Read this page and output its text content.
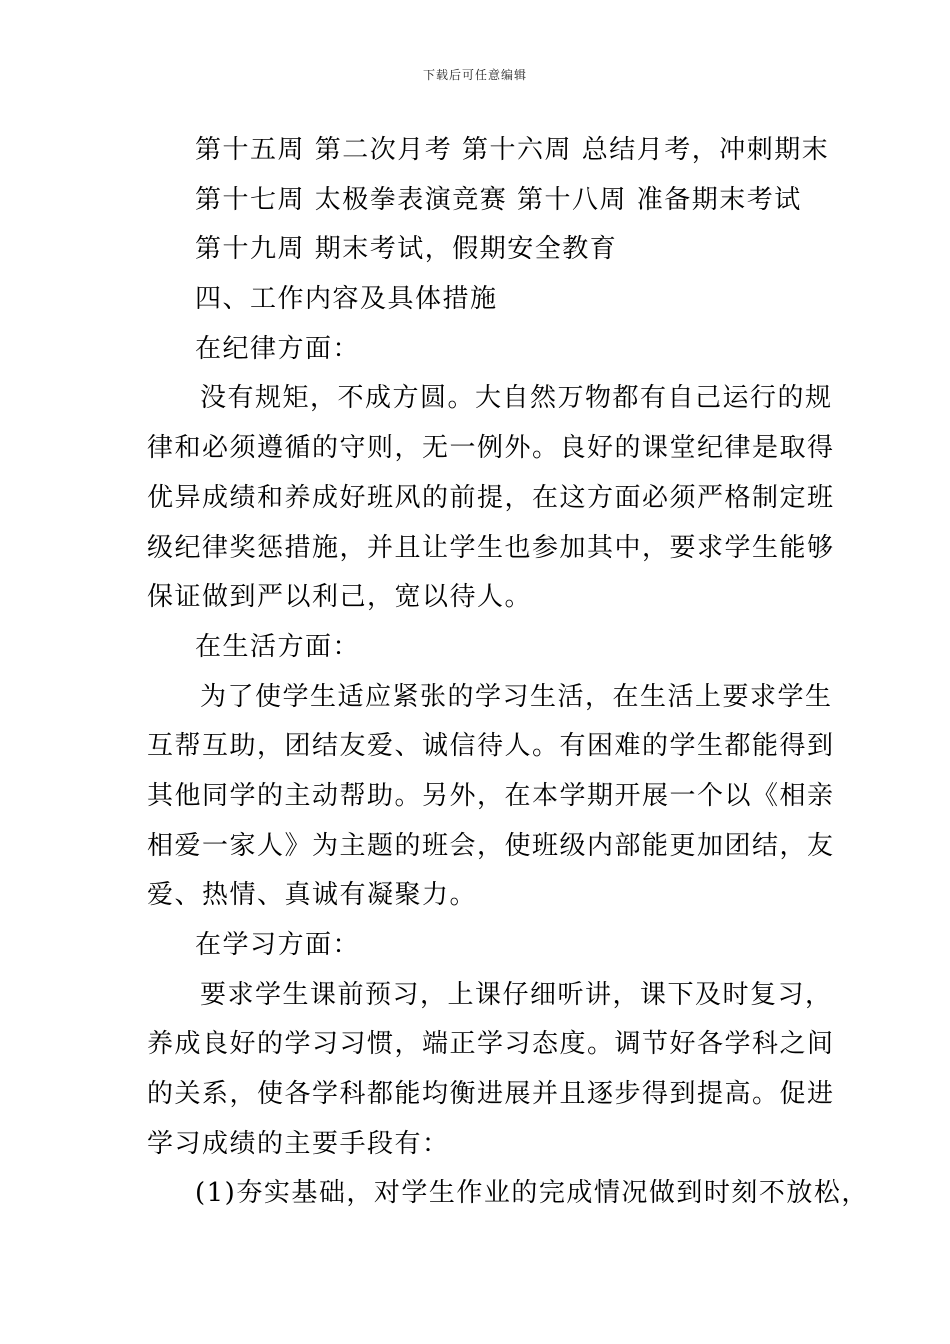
下载后可任意编辑
第十五周 第二次月考 第十六周 总结月考，冲刺期末
第十七周 太极拳表演竞赛 第十八周 准备期末考试
第十九周 期末考试，假期安全教育
四、工作内容及具体措施
在纪律方面：
没有规矩，不成方圆。大自然万物都有自己运行的规
律和必须遵循的守则，无一例外。良好的课堂纪律是取得
优异成绩和养成好班风的前提，在这方面必须严格制定班
级纪律奖惩措施，并且让学生也参加其中，要求学生能够
保证做到严以利己，宽以待人。
在生活方面：
为了使学生适应紧张的学习生活，在生活上要求学生
互帮互助，团结友爱、诚信待人。有困难的学生都能得到
其他同学的主动帮助。另外，在本学期开展一个以《相亲
相爱一家人》为主题的班会，使班级内部能更加团结，友
爱、热情、真诚有凝聚力。
在学习方面：
要求学生课前预习，上课仔细听讲，课下及时复习，
养成良好的学习习惯，端正学习态度。调节好各学科之间
的关系，使各学科都能均衡进展并且逐步得到提高。促进
学习成绩的主要手段有：
(1)夯实基础，对学生作业的完成情况做到时刻不放松，
